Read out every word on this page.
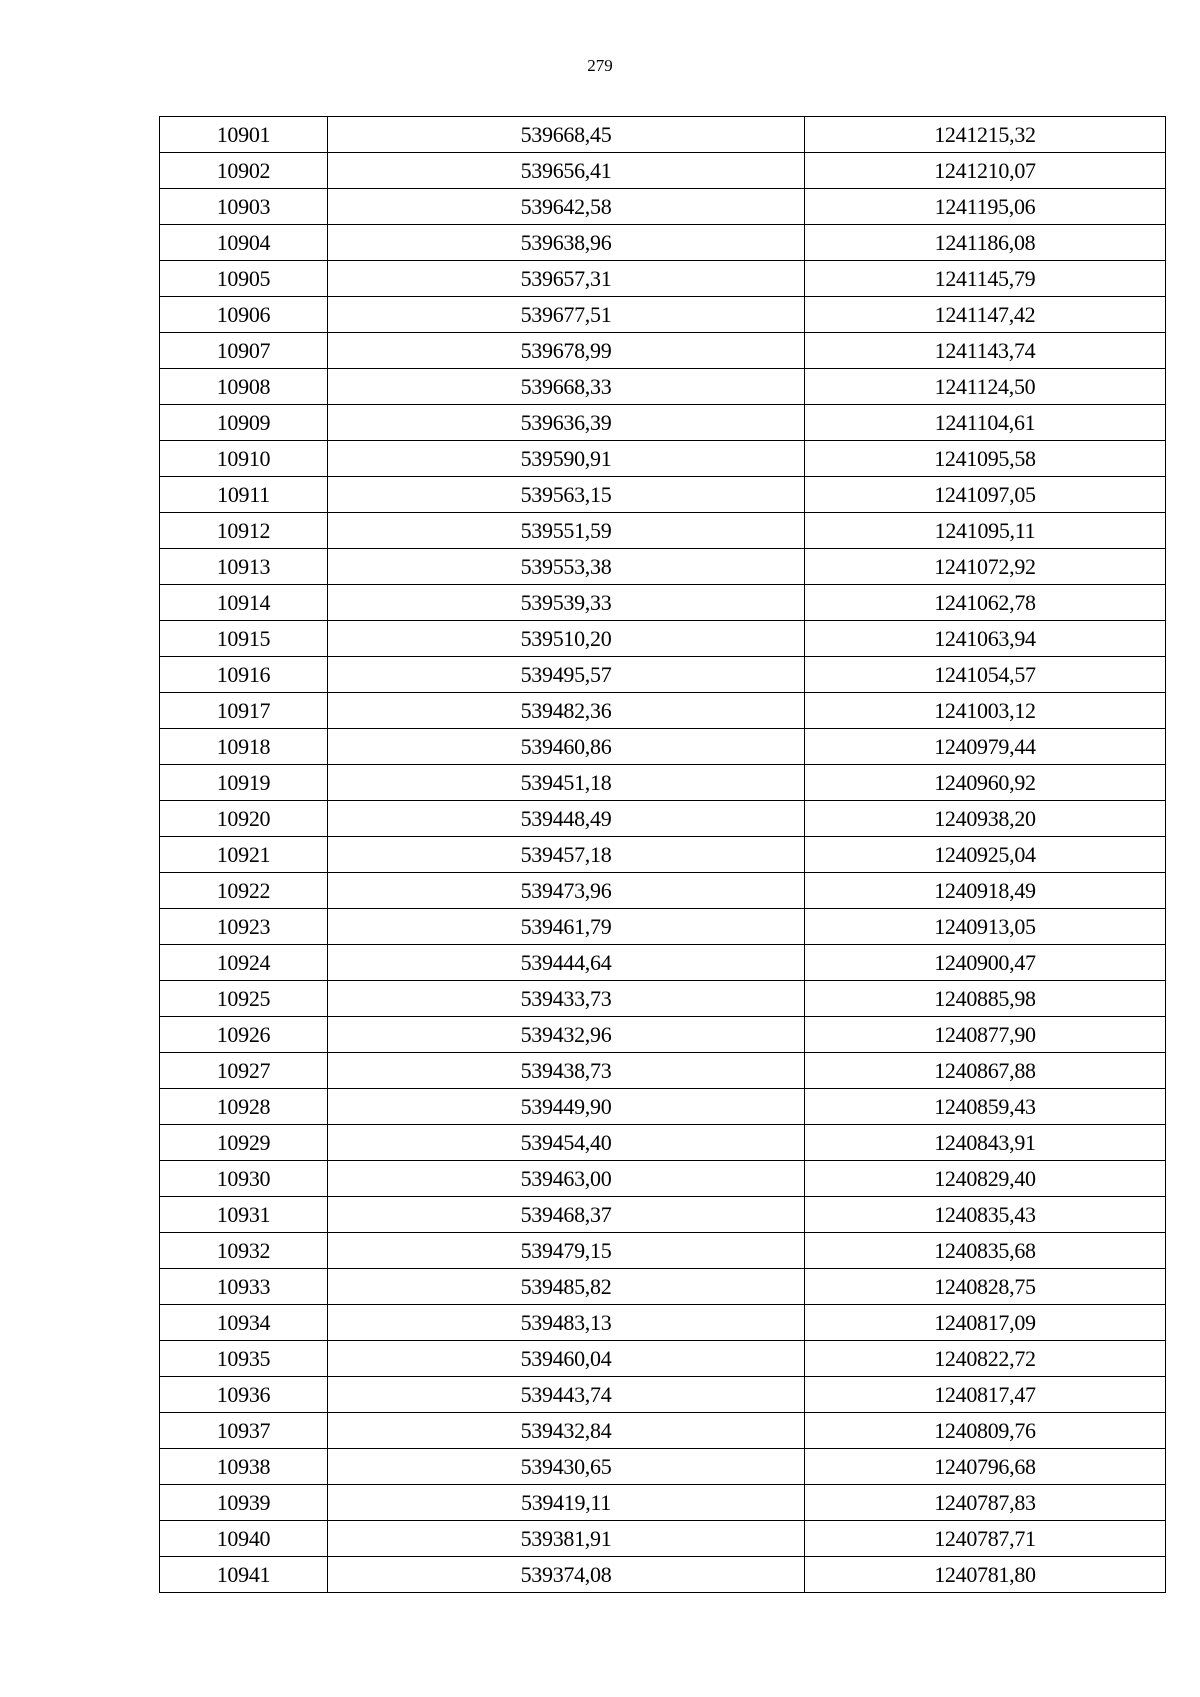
279
10901	539668,45	1241215,32
10902	539656,41	1241210,07
10903	539642,58	1241195,06
10904	539638,96	1241186,08
10905	539657,31	1241145,79
10906	539677,51	1241147,42
10907	539678,99	1241143,74
10908	539668,33	1241124,50
10909	539636,39	1241104,61
10910	539590,91	1241095,58
10911	539563,15	1241097,05
10912	539551,59	1241095,11
10913	539553,38	1241072,92
10914	539539,33	1241062,78
10915	539510,20	1241063,94
10916	539495,57	1241054,57
10917	539482,36	1241003,12
10918	539460,86	1240979,44
10919	539451,18	1240960,92
10920	539448,49	1240938,20
10921	539457,18	1240925,04
10922	539473,96	1240918,49
10923	539461,79	1240913,05
10924	539444,64	1240900,47
10925	539433,73	1240885,98
10926	539432,96	1240877,90
10927	539438,73	1240867,88
10928	539449,90	1240859,43
10929	539454,40	1240843,91
10930	539463,00	1240829,40
10931	539468,37	1240835,43
10932	539479,15	1240835,68
10933	539485,82	1240828,75
10934	539483,13	1240817,09
10935	539460,04	1240822,72
10936	539443,74	1240817,47
10937	539432,84	1240809,76
10938	539430,65	1240796,68
10939	539419,11	1240787,83
10940	539381,91	1240787,71
10941	539374,08	1240781,80
